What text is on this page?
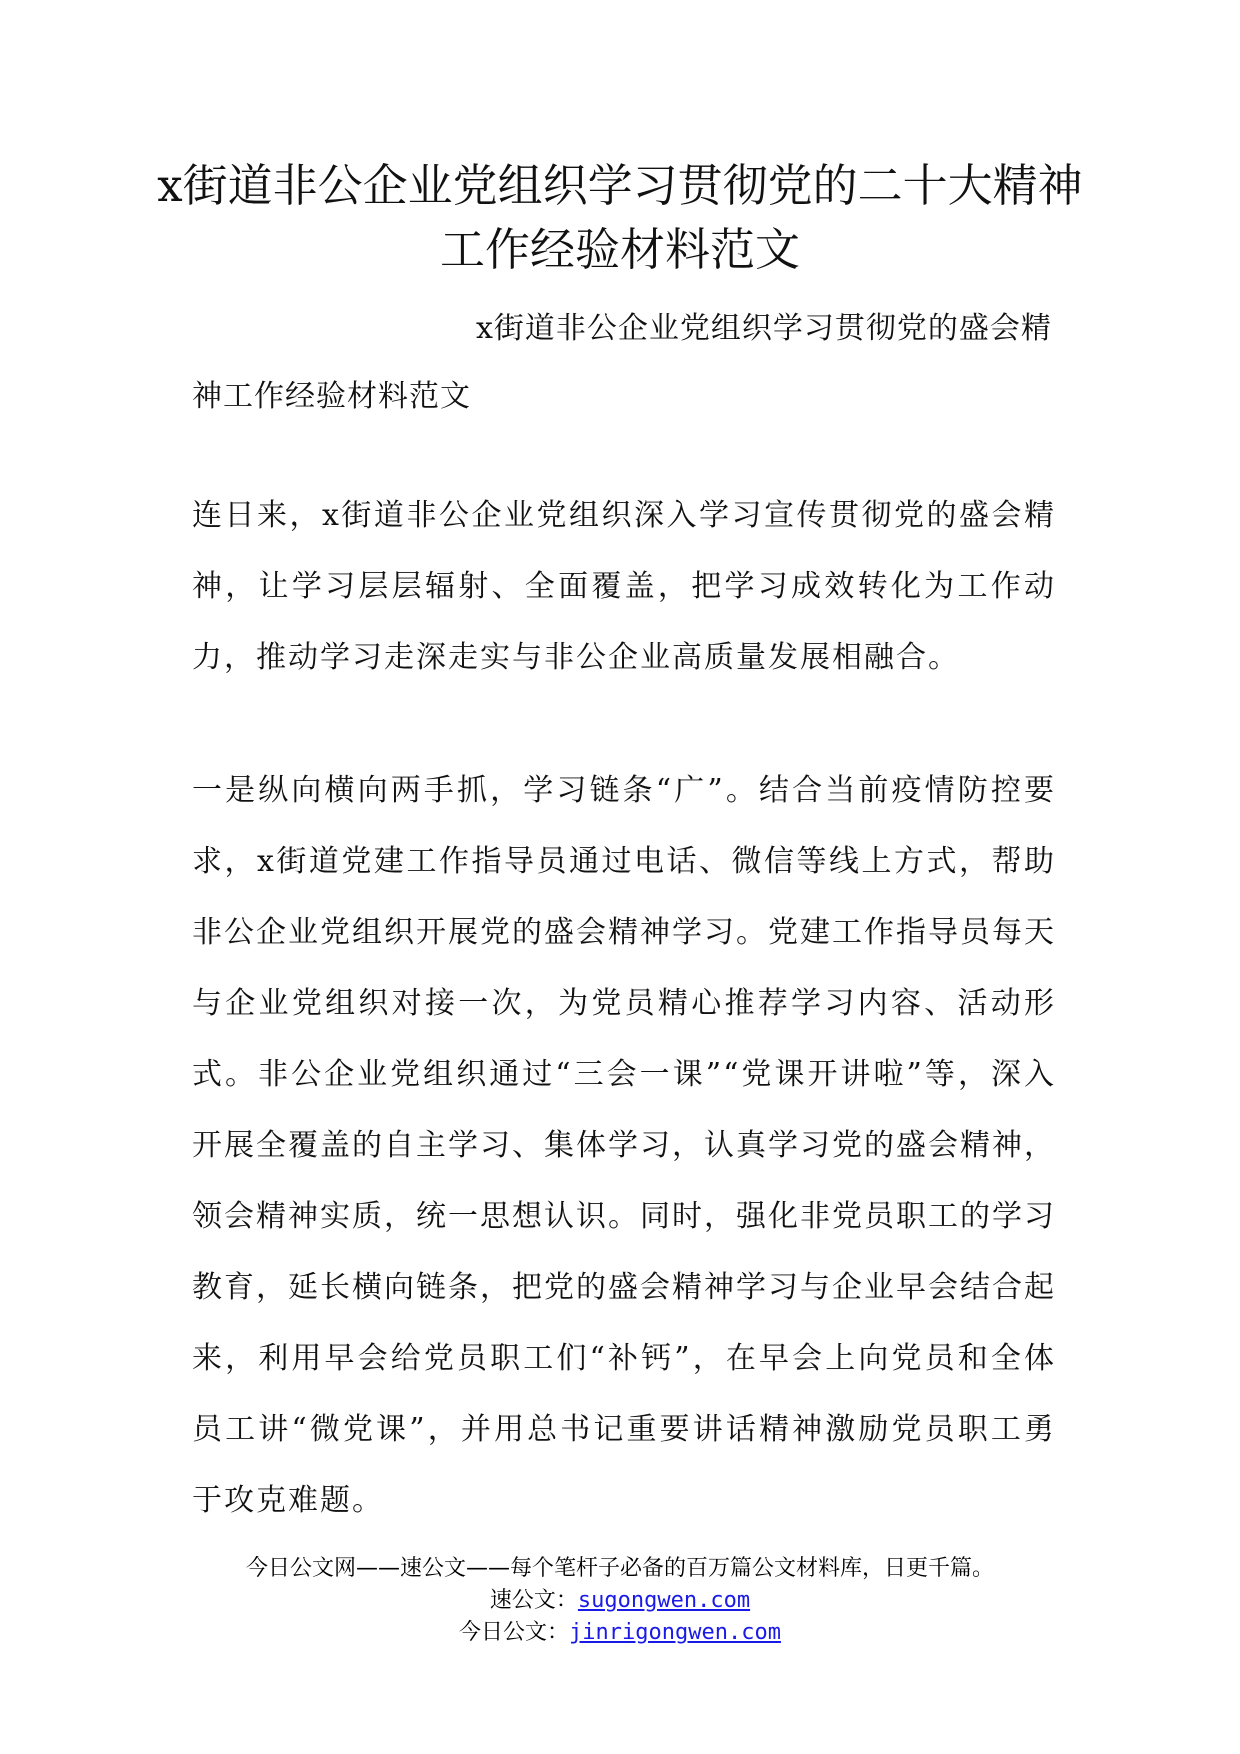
x街道非公企业党组织学习贯彻党的二十大精神工作经验材料范文
x街道非公企业党组织学习贯彻党的盛会精神工作经验材料范文

连日来，x街道非公企业党组织深入学习宣传贯彻党的盛会精神，让学习层层辐射、全面覆盖，把学习成效转化为工作动力，推动学习走深走实与非公企业高质量发展相融合。

一是纵向横向两手抓，学习链条“广”。结合当前疫情防控要求，x街道党建工作指导员通过电话、微信等线上方式，帮助非公企业党组织开展党的盛会精神学习。党建工作指导员每天与企业党组织对接一次，为党员精心推荐学习内容、活动形式。非公企业党组织通过“三会一课”“党课开讲啦”等，深入开展全覆盖的自主学习、集体学习，认真学习党的盛会精神，领会精神实质，统一思想认识。同时，强化非党员职工的学习教育，延长横向链条，把党的盛会精神学习与企业早会结合起来，利用早会给党员职工们“补钙”，在早会上向党员和全体员工讲“微党课”，并用总书记重要讲话精神激励党员职工勇于攻克难题。

今日公文网——速公文——每个笔杆子必备的百万篇公文材料库，日更千篇。
速公文：sugongwen.com
今日公文：jinrigongwen.com
